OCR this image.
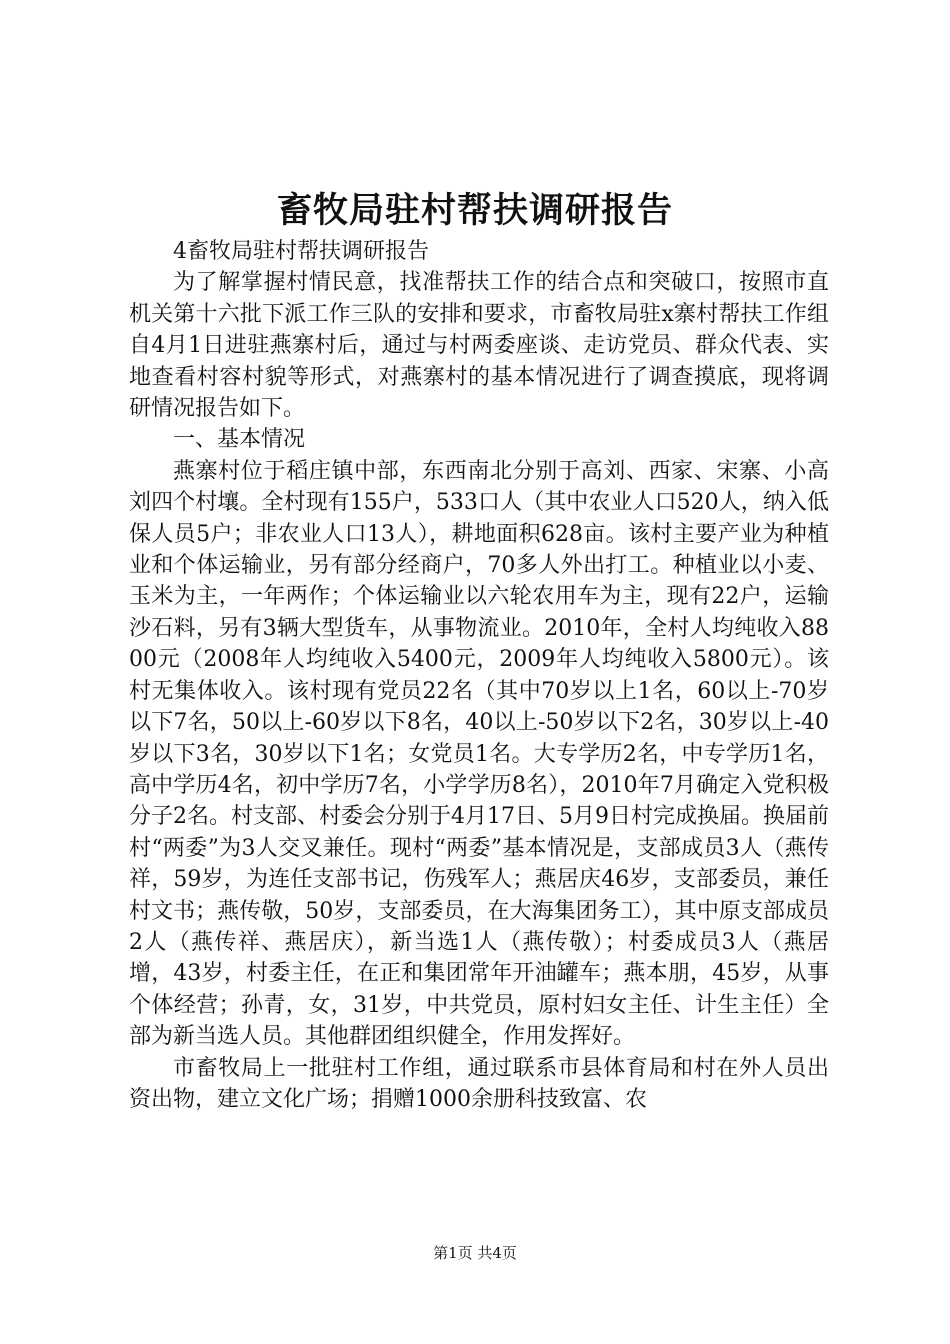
畜牧局驻村帮扶调研报告

4畜牧局驻村帮扶调研报告

为了解掌握村情民意，找准帮扶工作的结合点和突破口，按照市直机关第十六批下派工作三队的安排和要求，市畜牧局驻x寨村帮扶工作组自4月1日进驻燕寨村后，通过与村两委座谈、走访党员、群众代表、实地查看村容村貌等形式，对燕寨村的基本情况进行了调查摸底，现将调研情况报告如下。

一、基本情况

燕寨村位于稻庄镇中部，东西南北分别于高刘、西家、宋寨、小高刘四个村壤。全村现有155户，533口人（其中农业人口520人，纳入低保人员5户；非农业人口13人），耕地面积628亩。该村主要产业为种植业和个体运输业，另有部分经商户，70多人外出打工。种植业以小麦、玉米为主，一年两作；个体运输业以六轮农用车为主，现有22户，运输沙石料，另有3辆大型货车，从事物流业。2010年，全村人均纯收入8800元（2008年人均纯收入5400元，2009年人均纯收入5800元）。该村无集体收入。该村现有党员22名（其中70岁以上1名，60以上-70岁以下7名，50以上-60岁以下8名，40以上-50岁以下2名，30岁以上-40岁以下3名，30岁以下1名；女党员1名。大专学历2名，中专学历1名，高中学历4名，初中学历7名，小学学历8名），2010年7月确定入党积极分子2名。村支部、村委会分别于4月17日、5月9日村完成换届。换届前村“两委”为3人交叉兼任。现村“两委”基本情况是，支部成员3人（燕传祥，59岁，为连任支部书记，伤残军人；燕居庆46岁，支部委员，兼任村文书；燕传敬，50岁，支部委员，在大海集团务工），其中原支部成员2人（燕传祥、燕居庆），新当选1人（燕传敬）；村委成员3人（燕居增，43岁，村委主任，在正和集团常年开油罐车；燕本朋，45岁，从事个体经营；孙青，女，31岁，中共党员，原村妇女主任、计生主任）全部为新当选人员。其他群团组织健全，作用发挥好。

市畜牧局上一批驻村工作组，通过联系市县体育局和村在外人员出资出物，建立文化广场；捐赠1000余册科技致富、农

第1页 共4页
